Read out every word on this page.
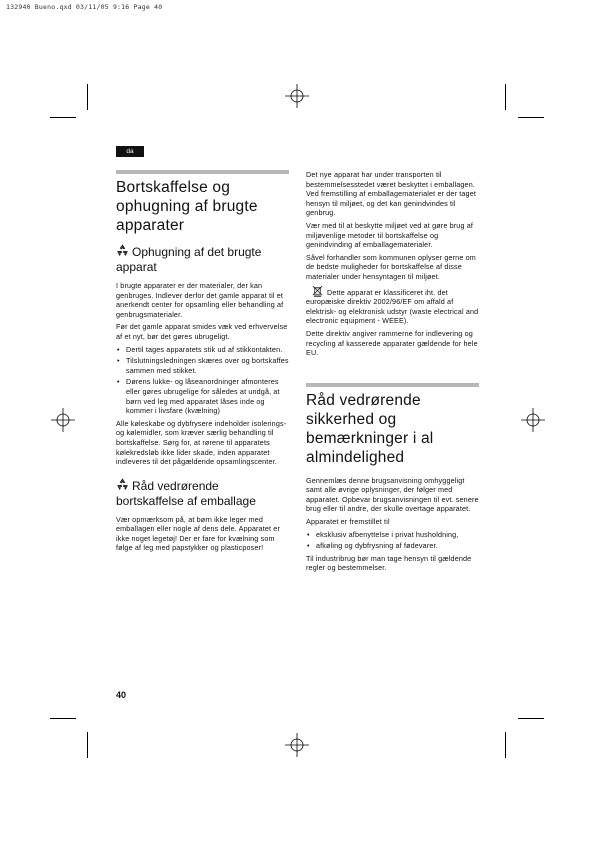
132940 Bueno.qxd 03/11/05 9:16 Page 40
da
Bortskaffelse og ophugning af brugte apparater
Ophugning af det brugte apparat

I brugte apparater er der materialer, der kan genbruges. Indlever derfor det gamle apparat til et anerkendt center for opsamling eller behandling af genbrugsmaterialer.

Før det gamle apparat smides væk ved erhvervelse af et nyt, bør det gøres ubrugeligt.

• Dertil tages apparatets stik ud af stikkontakten.
• Tilslutningsledningen skæres over og bortskaffes sammen med stikket.
• Dørens lukke- og låseanordninger afmonteres eller gøres ubrugelige for således at undgå, at børn ved leg med apparatet låses inde og kommer i livsfare (kvælning)

Alle køleskabe og dybfrysere indeholder isolerings- og kølemidler, som kræver særlig behandling til bortskaffelse. Sørg for, at rørene til apparatets kølekredsløb ikke lider skade, inden apparatet indleveres til det pågældende opsamlingscenter.

Råd vedrørende bortskaffelse af emballage

Vær opmærksom på, at børn ikke leger med emballagen eller nogle af dens dele. Apparatet er ikke noget legetøj! Der er fare for kvælning som følge af leg med papstykker og plasticposer!

Det nye apparat har under transporten til bestemmelsesstedet været beskyttet i emballagen. Ved fremstilling af emballagematerialet er der taget hensyn til miljøet, og det kan genindvindes til genbrug.

Vær med til at beskytte miljøet ved at gøre brug af miljøvenlige metoder til bortskaffelse og genindvinding af emballagematerialer.

Såvel forhandler som kommunen oplyser gerne om de bedste muligheder for bortskaffelse af disse materialer under hensyntagen til miljøet.

Dette apparat er klassificeret iht. det europæiske direktiv 2002/96/EF om affald af elektrisk- og elektronisk udstyr (waste electrical and electronic equipment - WEEE).

Dette direktiv angiver rammerne for indlevering og recycling af kasserede apparater gældende for hele EU.

Råd vedrørende sikkerhed og bemærkninger i al almindelighed

Gennemlæs denne brugsanvisning omhyggeligt samt alle øvrige oplysninger, der følger med apparatet. Opbevar brugsanvisningen til evt. senere brug eller til andre, der skulle overtage apparatet.

Apparatet er fremstillet til

• eksklusiv afbenyttelse i privat husholdning,
• afkøling og dybfrysning af fødevarer.

Til industribrug bør man tage hensyn til gældende regler og bestemmelser.

40
